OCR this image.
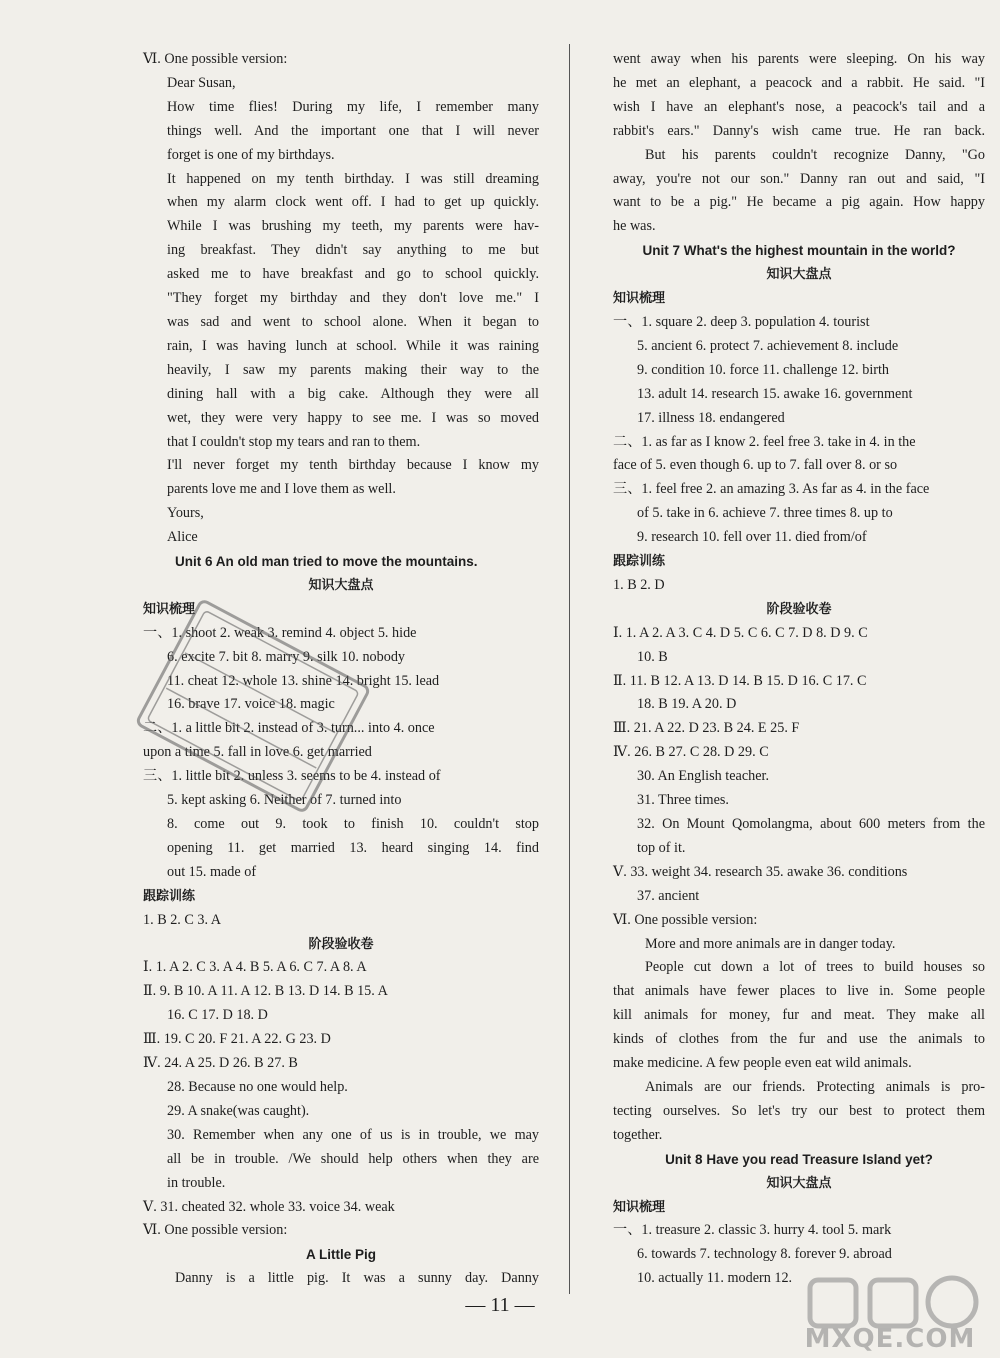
Ⅵ. One possible version:
Dear Susan,
How time flies! During my life, I remember many
things well. And the important one that I will never
forget is one of my birthdays.
It happened on my tenth birthday. I was still dreaming
when my alarm clock went off. I had to get up quickly.
While I was brushing my teeth, my parents were hav-
ing breakfast. They didn't say anything to me but
asked me to have breakfast and go to school quickly.
"They forget my birthday and they don't love me." I
was sad and went to school alone. When it began to
rain, I was having lunch at school. While it was raining
heavily, I saw my parents making their way to the
dining hall with a big cake. Although they were all
wet, they were very happy to see me. I was so moved
that I couldn't stop my tears and ran to them.
I'll never forget my tenth birthday because I know my
parents love me and I love them as well.
Yours,
Alice
Unit 6 An old man tried to move the mountains.
知识大盘点
知识梳理
一、1. shoot 2. weak 3. remind 4. object 5. hide
6. excite 7. bit 8. marry 9. silk 10. nobody
11. cheat 12. whole 13. shine 14. bright 15. lead
16. brave 17. voice 18. magic
二、1. a little bit 2. instead of 3. turn... into 4. once
upon a time 5. fall in love 6. get married
三、1. little bit 2. unless 3. seems to be 4. instead of
5. kept asking 6. Neither of 7. turned into
8. come out 9. took to finish 10. couldn't stop
opening 11. get married 13. heard singing 14. find
out 15. made of
跟踪训练
1. B 2. C 3. A
阶段验收卷
Ⅰ. 1. A 2. C 3. A 4. B 5. A 6. C 7. A 8. A
Ⅱ. 9. B 10. A 11. A 12. B 13. D 14. B 15. A
16. C 17. D 18. D
Ⅲ. 19. C 20. F 21. A 22. G 23. D
Ⅳ. 24. A 25. D 26. B 27. B
28. Because no one would help.
29. A snake(was caught).
30. Remember when any one of us is in trouble, we may
all be in trouble. /We should help others when they are
in trouble.
Ⅴ. 31. cheated 32. whole 33. voice 34. weak
Ⅵ. One possible version:
A Little Pig
Danny is a little pig. It was a sunny day. Danny
went away when his parents were sleeping. On his way
he met an elephant, a peacock and a rabbit. He said. "I
wish I have an elephant's nose, a peacock's tail and a
rabbit's ears." Danny's wish came true. He ran back.
But his parents couldn't recognize Danny, "Go
away, you're not our son." Danny ran out and said, "I
want to be a pig." He became a pig again. How happy
he was.
Unit 7 What's the highest mountain in the world?
知识大盘点
知识梳理
一、1. square 2. deep 3. population 4. tourist
5. ancient 6. protect 7. achievement 8. include
9. condition 10. force 11. challenge 12. birth
13. adult 14. research 15. awake 16. government
17. illness 18. endangered
二、1. as far as I know 2. feel free 3. take in 4. in the
face of 5. even though 6. up to 7. fall over 8. or so
三、1. feel free 2. an amazing 3. As far as 4. in the face
of 5. take in 6. achieve 7. three times 8. up to
9. research 10. fell over 11. died from/of
跟踪训练
1. B 2. D
阶段验收卷
Ⅰ. 1. A 2. A 3. C 4. D 5. C 6. C 7. D 8. D 9. C
10. B
Ⅱ. 11. B 12. A 13. D 14. B 15. D 16. C 17. C
18. B 19. A 20. D
Ⅲ. 21. A 22. D 23. B 24. E 25. F
Ⅳ. 26. B 27. C 28. D 29. C
30. An English teacher.
31. Three times.
32. On Mount Qomolangma, about 600 meters from the
top of it.
Ⅴ. 33. weight 34. research 35. awake 36. conditions
37. ancient
Ⅵ. One possible version:
More and more animals are in danger today.
People cut down a lot of trees to build houses so
that animals have fewer places to live in. Some people
kill animals for money, fur and meat. They make all
kinds of clothes from the fur and use the animals to
make medicine. A few people even eat wild animals.
Animals are our friends. Protecting animals is pro-
tecting ourselves. So let's try our best to protect them
together.
Unit 8 Have you read Treasure Island yet?
知识大盘点
知识梳理
一、1. treasure 2. classic 3. hurry 4. tool 5. mark
6. towards 7. technology 8. forever 9. abroad
10. actually 11. modern 12.
MXQE.COM
— 11 —
